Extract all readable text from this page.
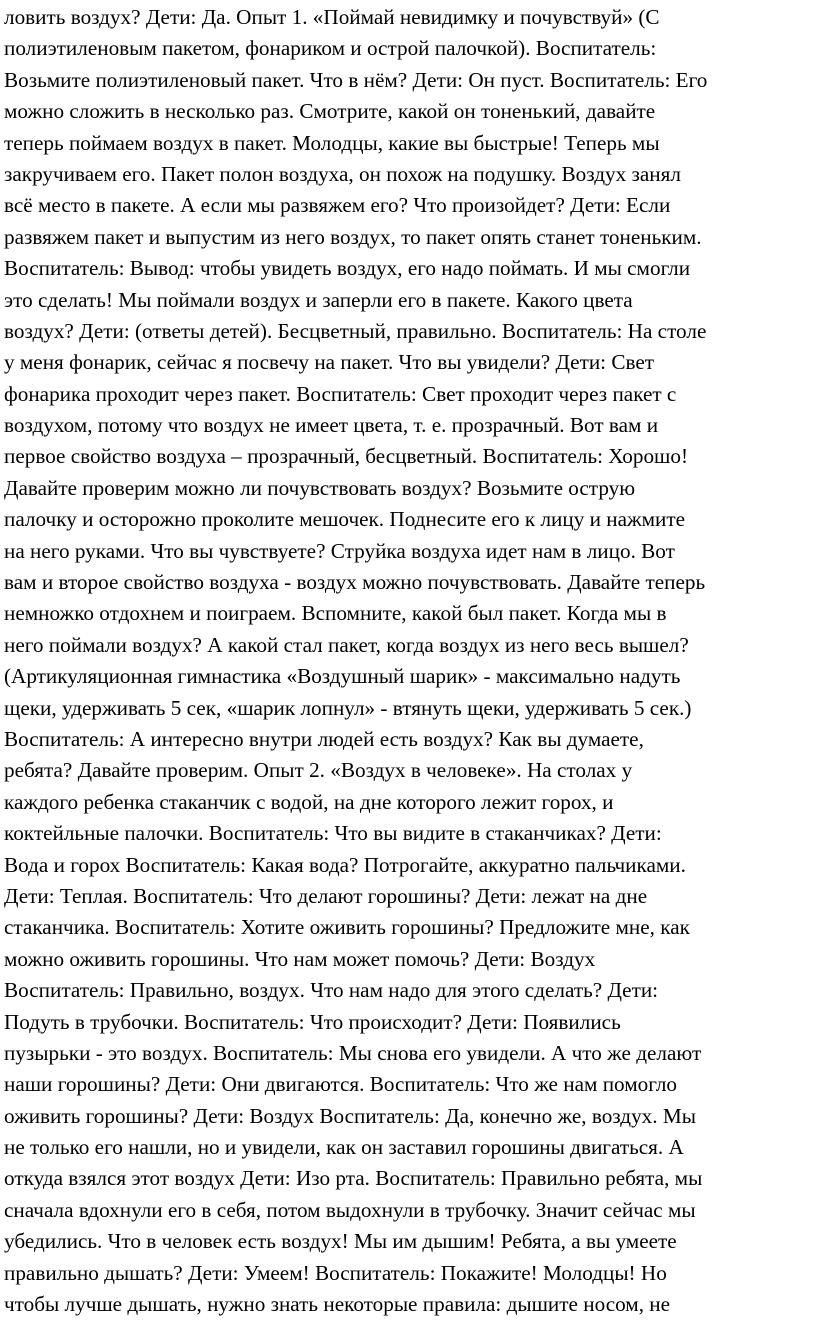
ловить воздух? Дети: Да. Опыт 1. «Поймай невидимку и почувствуй» (С
полиэтиленовым пакетом, фонариком и острой палочкой). Воспитатель:
Возьмите полиэтиленовый пакет. Что в нём? Дети: Он пуст. Воспитатель: Его
можно сложить в несколько раз. Смотрите, какой он тоненький, давайте
теперь поймаем воздух в пакет. Молодцы, какие вы быстрые! Теперь мы
закручиваем его. Пакет полон воздуха, он похож на подушку. Воздух занял
всё место в пакете. А если мы развяжем его? Что произойдет? Дети: Если
развяжем пакет и выпустим из него воздух, то пакет опять станет тоненьким.
Воспитатель: Вывод: чтобы увидеть воздух, его надо поймать. И мы смогли
это сделать! Мы поймали воздух и заперли его в пакете. Какого цвета
воздух? Дети: (ответы детей). Бесцветный, правильно. Воспитатель: На столе
у меня фонарик, сейчас я посвечу на пакет. Что вы увидели? Дети: Свет
фонарика проходит через пакет. Воспитатель: Свет проходит через пакет с
воздухом, потому что воздух не имеет цвета, т. е. прозрачный. Вот вам и
первое свойство воздуха – прозрачный, бесцветный. Воспитатель: Хорошо!
Давайте проверим можно ли почувствовать воздух? Возьмите острую
палочку и осторожно проколите мешочек. Поднесите его к лицу и нажмите
на него руками. Что вы чувствуете? Струйка воздуха идет нам в лицо. Вот
вам и второе свойство воздуха - воздух можно почувствовать. Давайте теперь
немножко отдохнем и поиграем. Вспомните, какой был пакет. Когда мы в
него поймали воздух? А какой стал пакет, когда воздух из него весь вышел?
(Артикуляционная гимнастика «Воздушный шарик» - максимально надуть
щеки, удерживать 5 сек, «шарик лопнул» - втянуть щеки, удерживать 5 сек.)
Воспитатель: А интересно внутри людей есть воздух? Как вы думаете,
ребята? Давайте проверим. Опыт 2. «Воздух в человеке». На столах у
каждого ребенка стаканчик с водой, на дне которого лежит горох, и
коктейльные палочки. Воспитатель: Что вы видите в стаканчиках? Дети:
Вода и горох Воспитатель: Какая вода? Потрогайте, аккуратно пальчиками.
Дети: Теплая. Воспитатель: Что делают горошины? Дети: лежат на дне
стаканчика. Воспитатель: Хотите оживить горошины? Предложите мне, как
можно оживить горошины. Что нам может помочь? Дети: Воздух
Воспитатель: Правильно, воздух. Что нам надо для этого сделать? Дети:
Подуть в трубочки. Воспитатель: Что происходит? Дети: Появились
пузырьки - это воздух. Воспитатель: Мы снова его увидели. А что же делают
наши горошины? Дети: Они двигаются. Воспитатель: Что же нам помогло
оживить горошины? Дети: Воздух Воспитатель: Да, конечно же, воздух. Мы
не только его нашли, но и увидели, как он заставил горошины двигаться. А
откуда взялся этот воздух Дети: Изо рта. Воспитатель: Правильно ребята, мы
сначала вдохнули его в себя, потом выдохнули в трубочку. Значит сейчас мы
убедились. Что в человек есть воздух! Мы им дышим! Ребята, а вы умеете
правильно дышать? Дети: Умеем! Воспитатель: Покажите! Молодцы! Но
чтобы лучше дышать, нужно знать некоторые правила: дышите носом, не
